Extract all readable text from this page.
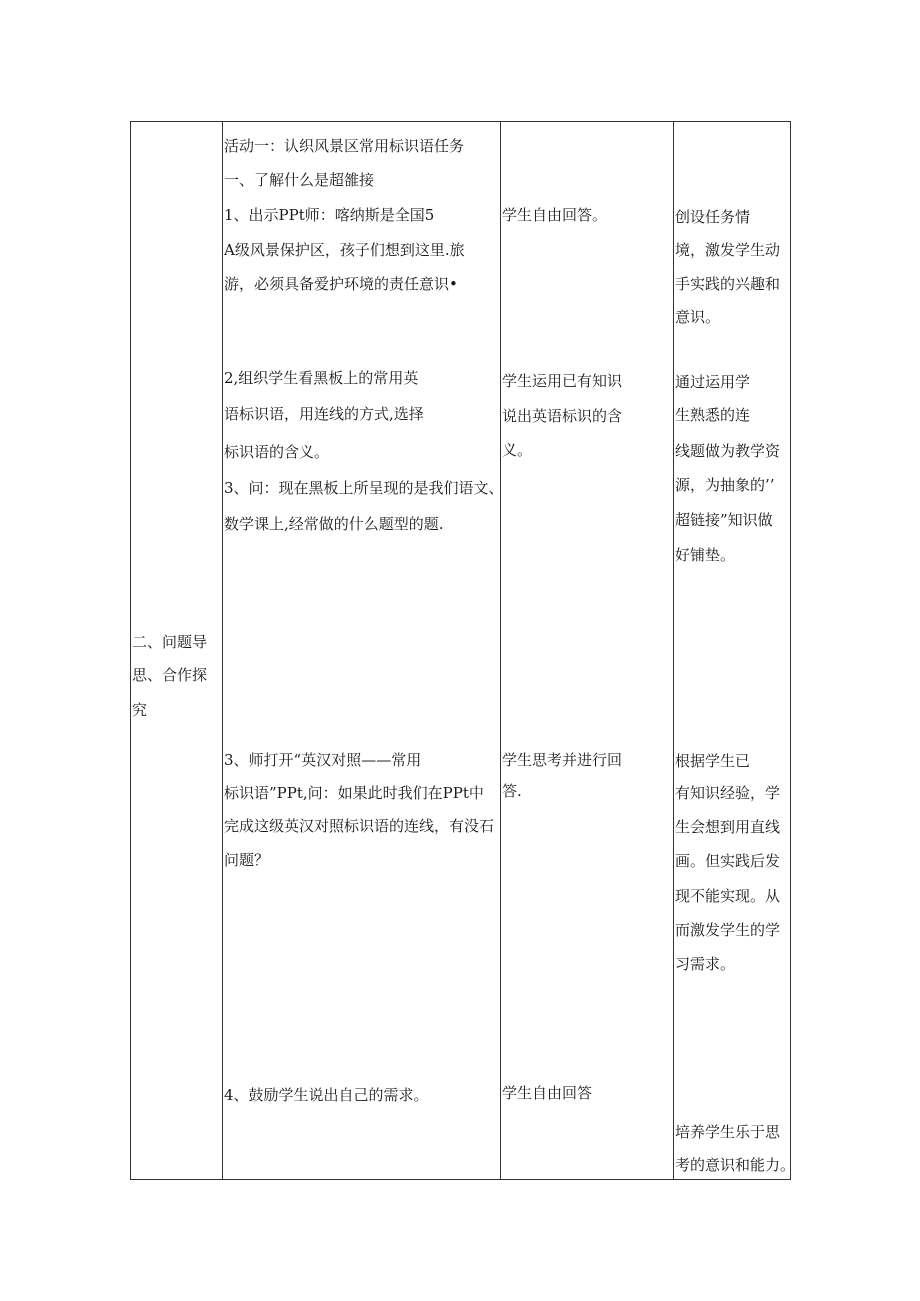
二、问题导
思、合作探
究
活动一：认织风景区常用标识语任务
一、了解什么是超雒接
1、出示PPt师：喀纳斯是全国5
A级风景保护区，孩子们想到这里.旅
游，必须具备爱护环境的责任意识•
2,组织学生看黑板上的常用英
语标识语，用连线的方式,选择
标识语的含义。
3、问：现在黑板上所呈现的是我们语文、
数学课上,经常做的什么题型的题.
3、师打开“英汉对照——常用
标识语”PPt,问：如果此时我们在PPt中
完成这级英汉对照标识语的连线，有没石
问题？
4、鼓励学生说出自己的需求。
学生自由回答。
学生运用已有知识
说出英语标识的含
义。
学生思考并进行回
答.
学生自由回答
创设任务情
境，激发学生动
手实践的兴趣和
意识。
通过运用学
生熟悉的连
线题做为教学资
源，为抽象的’’
超链接”知识做
好铺垫。
根据学生已
有知识经验，学
生会想到用直线
画。但实践后发
现不能实现。从
而激发学生的学
习需求。
培养学生乐于思
考的意识和能力。
